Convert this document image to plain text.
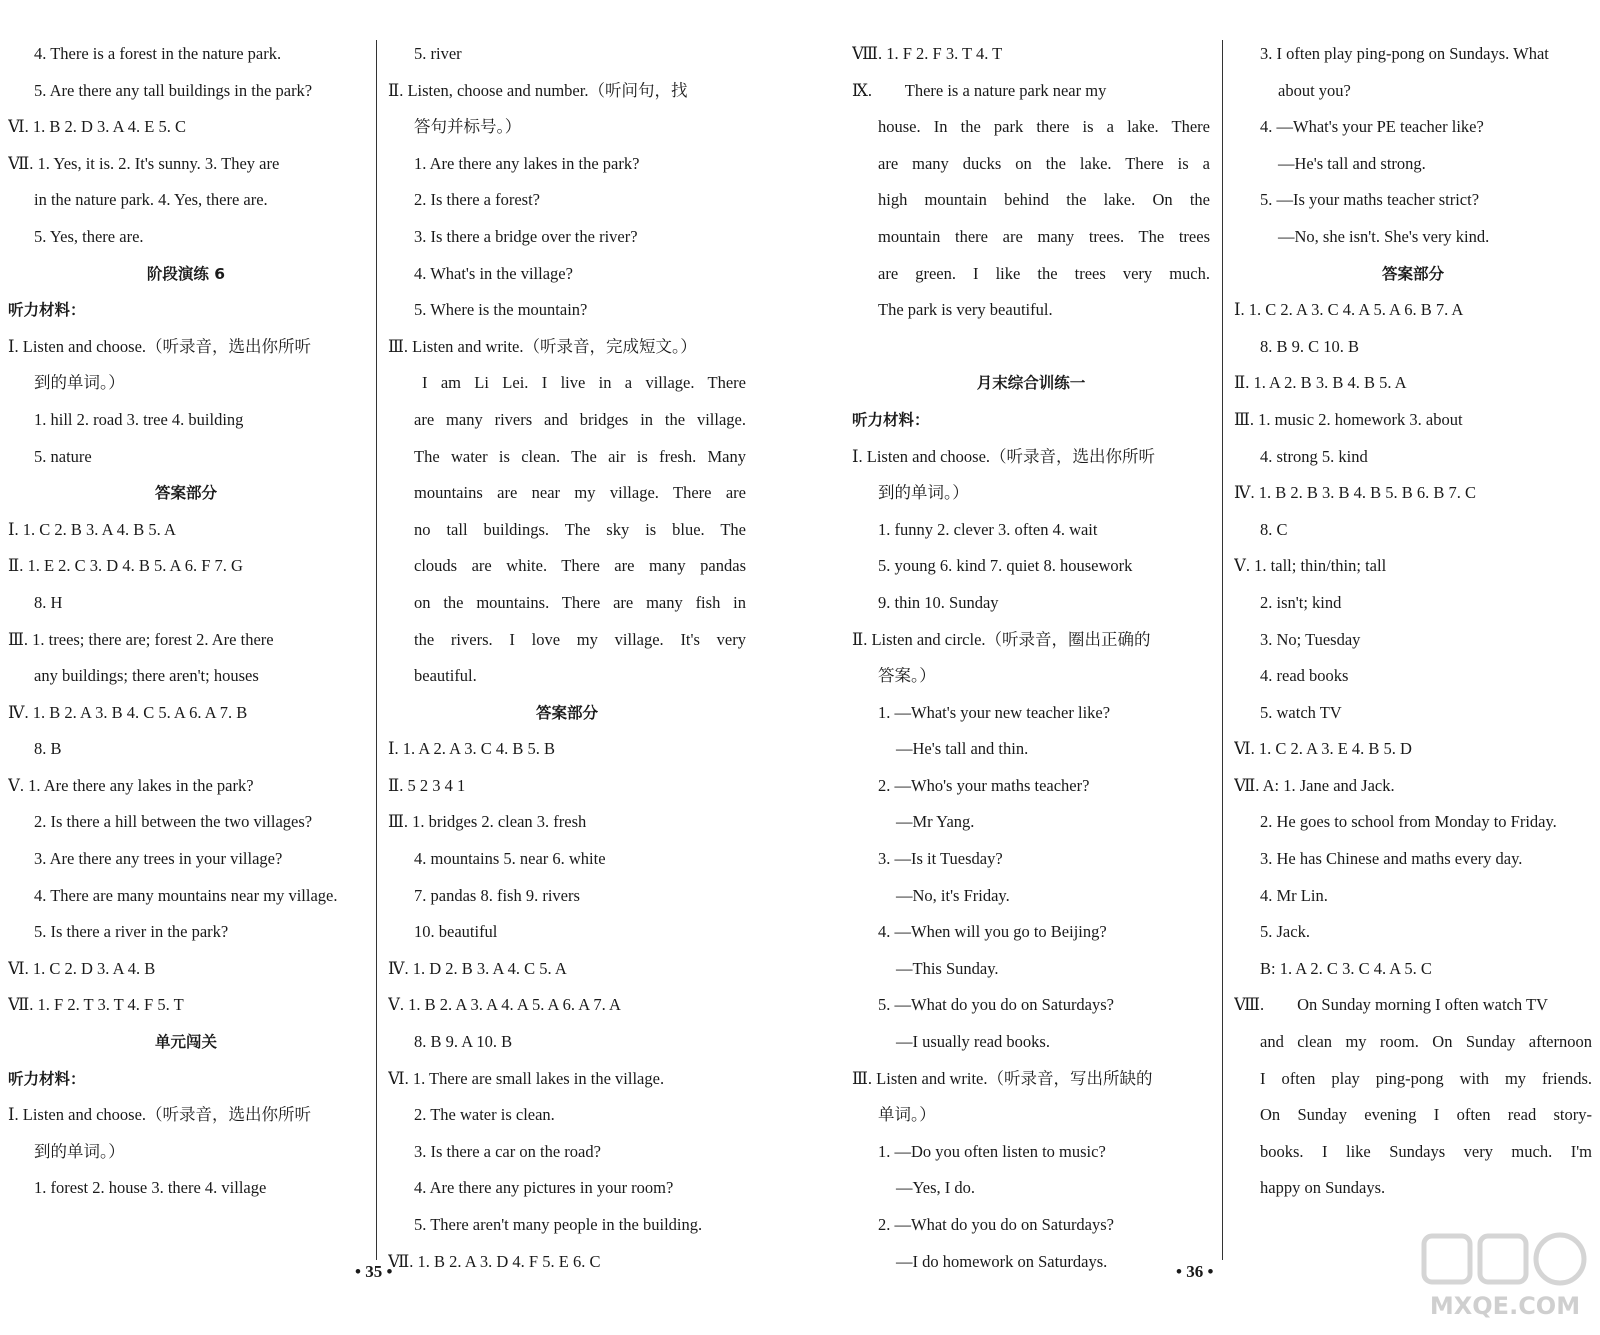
4. There is a forest in the nature park.
5. Are there any tall buildings in the park?
Ⅵ. 1. B 2. D 3. A 4. E 5. C
Ⅶ. 1. Yes, it is. 2. It's sunny. 3. They are
in the nature park. 4. Yes, there are.
5. Yes, there are.
阶段演练 6
听力材料：
Ⅰ. Listen and choose.（听录音，选出你所听
到的单词。）
1. hill 2. road 3. tree 4. building
5. nature
答案部分
Ⅰ. 1. C 2. B 3. A 4. B 5. A
Ⅱ. 1. E 2. C 3. D 4. B 5. A 6. F 7. G
8. H
Ⅲ. 1. trees; there are; forest 2. Are there
any buildings; there aren't; houses
Ⅳ. 1. B 2. A 3. B 4. C 5. A 6. A 7. B
8. B
Ⅴ. 1. Are there any lakes in the park?
2. Is there a hill between the two villages?
3. Are there any trees in your village?
4. There are many mountains near my village.
5. Is there a river in the park?
Ⅵ. 1. C 2. D 3. A 4. B
Ⅶ. 1. F 2. T 3. T 4. F 5. T
单元闯关
听力材料：
Ⅰ. Listen and choose.（听录音，选出你所听
到的单词。）
1. forest 2. house 3. there 4. village
5. river
Ⅱ. Listen, choose and number.（听问句，找
答句并标号。）
1. Are there any lakes in the park?
2. Is there a forest?
3. Is there a bridge over the river?
4. What's in the village?
5. Where is the mountain?
Ⅲ. Listen and write.（听录音，完成短文。）
I am Li Lei. I live in a village. There
are many rivers and bridges in the village.
The water is clean. The air is fresh. Many
mountains are near my village. There are
no tall buildings. The sky is blue. The
clouds are white. There are many pandas
on the mountains. There are many fish in
the rivers. I love my village. It's very
beautiful.
答案部分
Ⅰ. 1. A 2. A 3. C 4. B 5. B
Ⅱ. 5 2 3 4 1
Ⅲ. 1. bridges 2. clean 3. fresh
4. mountains 5. near 6. white
7. pandas 8. fish 9. rivers
10. beautiful
Ⅳ. 1. D 2. B 3. A 4. C 5. A
Ⅴ. 1. B 2. A 3. A 4. A 5. A 6. A 7. A
8. B 9. A 10. B
Ⅵ. 1. There are small lakes in the village.
2. The water is clean.
3. Is there a car on the road?
4. Are there any pictures in your room?
5. There aren't many people in the building.
Ⅶ. 1. B 2. A 3. D 4. F 5. E 6. C
• 35 •
Ⅷ. 1. F 2. F 3. T 4. T
Ⅸ.        There is a nature park near my
house. In the park there is a lake. There
are many ducks on the lake. There is a
high mountain behind the lake. On the
mountain there are many trees. The trees
are green. I like the trees very much.
The park is very beautiful.
月末综合训练一
听力材料：
Ⅰ. Listen and choose.（听录音，选出你所听
到的单词。）
1. funny 2. clever 3. often 4. wait
5. young 6. kind 7. quiet 8. housework
9. thin 10. Sunday
Ⅱ. Listen and circle.（听录音，圈出正确的
答案。）
1. —What's your new teacher like?
—He's tall and thin.
2. —Who's your maths teacher?
—Mr Yang.
3. —Is it Tuesday?
—No, it's Friday.
4. —When will you go to Beijing?
—This Sunday.
5. —What do you do on Saturdays?
—I usually read books.
Ⅲ. Listen and write.（听录音，写出所缺的
单词。）
1. —Do you often listen to music?
—Yes, I do.
2. —What do you do on Saturdays?
—I do homework on Saturdays.
3. I often play ping-pong on Sundays. What
about you?
4. —What's your PE teacher like?
—He's tall and strong.
5. —Is your maths teacher strict?
—No, she isn't. She's very kind.
答案部分
Ⅰ. 1. C 2. A 3. C 4. A 5. A 6. B 7. A
8. B 9. C 10. B
Ⅱ. 1. A 2. B 3. B 4. B 5. A
Ⅲ. 1. music 2. homework 3. about
4. strong 5. kind
Ⅳ. 1. B 2. B 3. B 4. B 5. B 6. B 7. C
8. C
Ⅴ. 1. tall; thin/thin; tall
2. isn't; kind
3. No; Tuesday
4. read books
5. watch TV
Ⅵ. 1. C 2. A 3. E 4. B 5. D
Ⅶ. A: 1. Jane and Jack.
2. He goes to school from Monday to Friday.
3. He has Chinese and maths every day.
4. Mr Lin.
5. Jack.
B: 1. A 2. C 3. C 4. A 5. C
Ⅷ.        On Sunday morning I often watch TV
and clean my room. On Sunday afternoon
I often play ping-pong with my friends.
On Sunday evening I often read story-
books. I like Sundays very much. I'm
happy on Sundays.
• 36 •
MXQE.COM
